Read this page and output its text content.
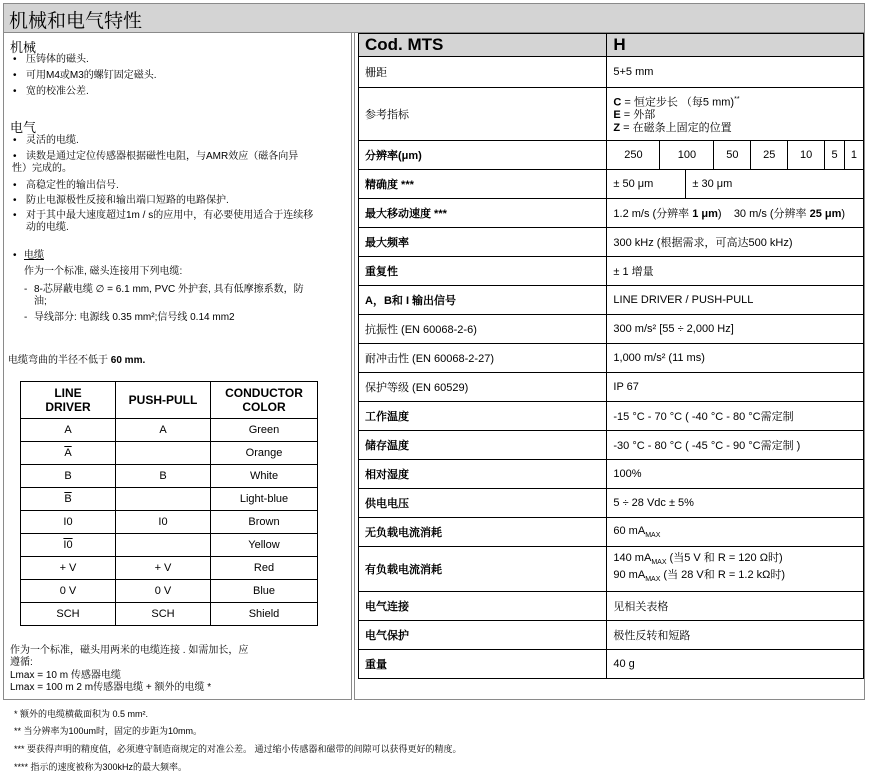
机械和电气特性
机械
• 压铸体的磁头.
• 可用M4或M3的螺钉固定磁头.
• 宽的校准公差.
电气
• 灵活的电缆.
• 读数是通过定位传感器根据磁性电阻，与AMR效应（磁各向异
性）完成的。
• 高稳定性的输出信号.
• 防止电源极性反接和输出端口短路的电路保护.
• 对于其中最大速度超过1m / s的应用中，有必要使用适合于连续移
动的电缆.
• 电缆
作为一个标准, 磁头连接用下列电缆:
- 8-芯屏蔽电缆 ∅ = 6.1 mm, PVC 外护套, 具有低摩擦系数，防
油;
- 导线部分: 电源线 0.35 mm²;信号线 0.14 mm2
电缆弯曲的半径不低于 60 mm.
LINE
DRIVER	PUSH-PULL	CONDUCTOR
COLOR
A	A	Green
$\overline{A}$		Orange
B	B	White
$\overline{B}$		Light-blue
I0	I0	Brown
I0		Yellow
+ V	+ V	Red
0 V	0 V	Blue
SCH	SCH	Shield
作为一个标准，磁头用两米的电缆连接 . 如需加长，应
遵循:
Lmax = 10 m 传感器电缆
Lmax = 100 m 2 m传感器电缆 + 额外的电缆 *
Cod. MTS	H
栅距	5+5 mm
参考指标	
C = 恒定步长 （每5 mm)**
E = 外部
Z = 在磁条上固定的位置

分辨率(μm)		250	100	50	25	10	5	1

精确度 ***		± 50 μm	± 30 μm

最大移动速度 ***	1.2 m/s (分辨率 1 μm)    30 m/s (分辨率 25 μm)
最大频率	300 kHz (根据需求，可高达500 kHz)
重复性	± 1 增量
A，B和 I 输出信号	LINE DRIVER / PUSH-PULL
抗振性 (EN 60068-2-6)	300 m/s² [55 ÷ 2,000 Hz]
耐冲击性 (EN 60068-2-27)	1,000 m/s² (11 ms)
保护等级 (EN 60529)	IP 67
工作温度	-15 °C - 70 °C ( -40 °C - 80 °C需定制
储存温度	-30 °C - 80 °C ( -45 °C - 90 °C需定制 )
相对湿度	100%
供电电压	5 ÷ 28 Vdc ± 5%
无负载电流消耗	60 $mA_{MAX}$
有负载电流消耗	
140 $mA_{MAX}$ (当5 V 和 R = 120 Ω时)
90 $mA_{MAX}$ (当 28 V和 R = 1.2 kΩ时)

电气连接	见相关表格
电气保护	极性反转和短路
重量	40 g
* 额外的电缆横截面积为 0.5 mm².
** 当分辨率为100um时，固定的步距为10mm。
*** 要获得声明的精度值，必须遵守制造商规定的对准公差。 通过缩小传感器和磁带的间隙可以获得更好的精度。
**** 指示的速度被称为300kHz的最大频率。
